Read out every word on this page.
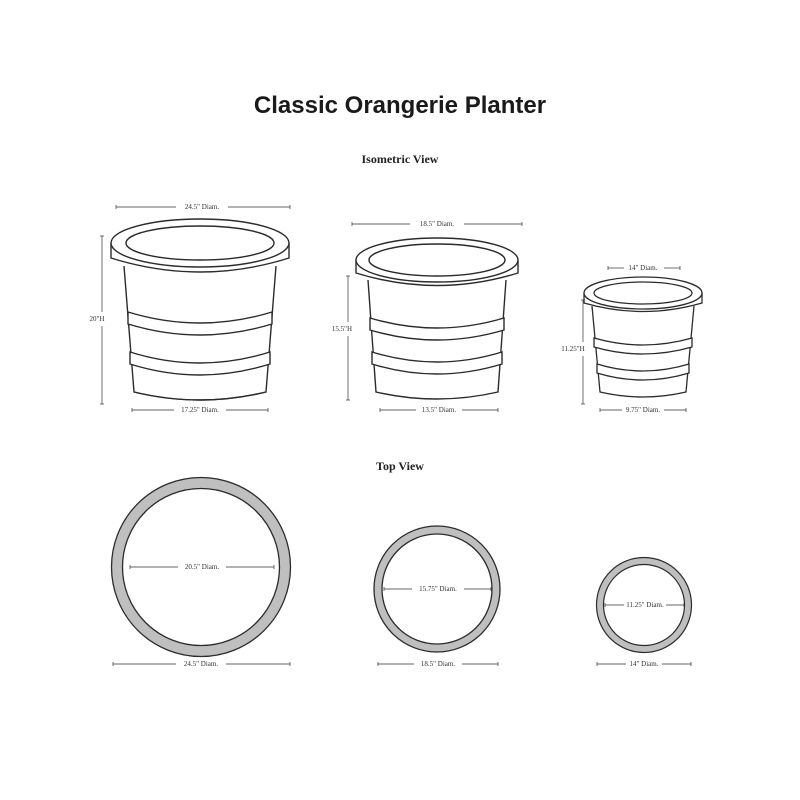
Classic Orangerie Planter
Isometric View
Top View
24.5" Diam.
20"H
17.25" Diam.
18.5" Diam.
15.5"H
13.5" Diam.
14" Diam.
11.25"H
9.75" Diam.
20.5" Diam.
24.5" Diam.
15.75" Diam.
18.5" Diam.
11.25" Diam.
14" Diam.
